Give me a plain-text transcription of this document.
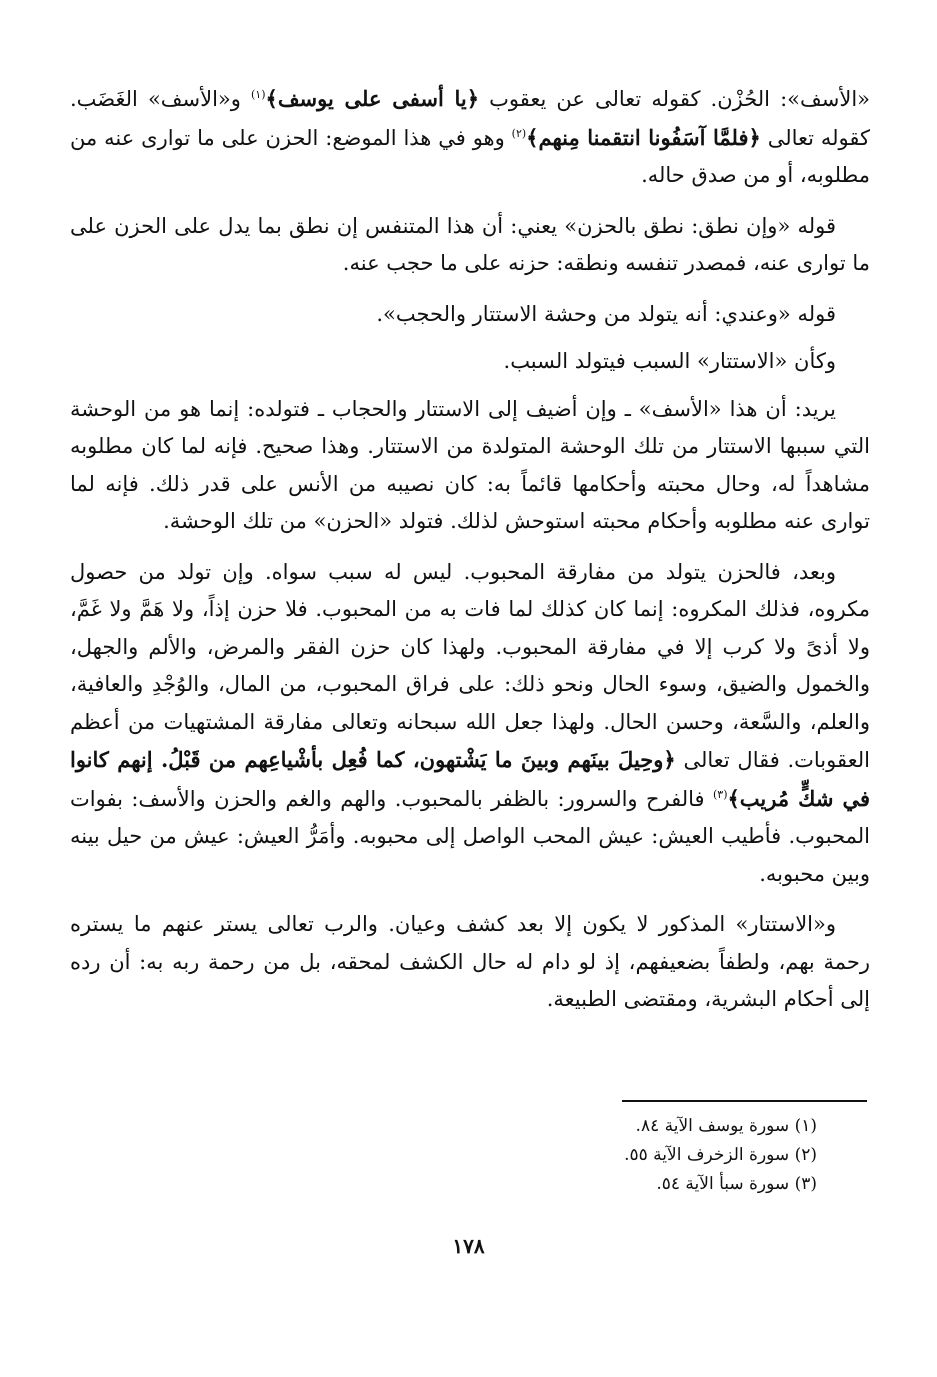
«الأسف»: الحُزْن. كقوله تعالى عن يعقوب ﴿يا أسفى على يوسف﴾$^{(١)}$ و«الأسف» الغَضَب. كقوله تعالى ﴿فلمَّا آسَفُونا انتقمنا مِنهم﴾$^{(٢)}$ وهو في هذا الموضع: الحزن على ما توارى عنه من مطلوبه، أو من صدق حاله.

قوله «وإن نطق: نطق بالحزن» يعني: أن هذا المتنفس إن نطق بما يدل على الحزن على ما توارى عنه، فمصدر تنفسه ونطقه: حزنه على ما حجب عنه.

قوله «وعندي: أنه يتولد من وحشة الاستتار والحجب».

وكأن «الاستتار» السبب فيتولد السبب.

يريد: أن هذا «الأسف» ـ وإن أضيف إلى الاستتار والحجاب ـ فتولده: إنما هو من الوحشة التي سببها الاستتار من تلك الوحشة المتولدة من الاستتار. وهذا صحيح. فإنه لما كان مطلوبه مشاهداً له، وحال محبته وأحكامها قائماً به: كان نصيبه من الأنس على قدر ذلك. فإنه لما توارى عنه مطلوبه وأحكام محبته استوحش لذلك. فتولد «الحزن» من تلك الوحشة.

وبعد، فالحزن يتولد من مفارقة المحبوب. ليس له سبب سواه. وإن تولد من حصول مكروه، فذلك المكروه: إنما كان كذلك لما فات به من المحبوب. فلا حزن إذاً، ولا هَمَّ ولا غَمَّ، ولا أذىً ولا كرب إلا في مفارقة المحبوب. ولهذا كان حزن الفقر والمرض، والألم والجهل، والخمول والضيق، وسوء الحال ونحو ذلك: على فراق المحبوب، من المال، والوُجْدِ والعافية، والعلم، والسَّعة، وحسن الحال. ولهذا جعل الله سبحانه وتعالى مفارقة المشتهيات من أعظم العقوبات. فقال تعالى ﴿وحِيلَ بينَهم وبينَ ما يَشْتهون، كما فُعِل بأشْياعِهم من قَبْلُ. إنهم كانوا في شكٍّ مُريب﴾$^{(٣)}$ فالفرح والسرور: بالظفر بالمحبوب. والهم والغم والحزن والأسف: بفوات المحبوب. فأطيب العيش: عيش المحب الواصل إلى محبوبه. وأمَرُّ العيش: عيش من حيل بينه وبين محبوبه.

و«الاستتار» المذكور لا يكون إلا بعد كشف وعيان. والرب تعالى يستر عنهم ما يستره رحمة بهم، ولطفاً بضعيفهم، إذ لو دام له حال الكشف لمحقه، بل من رحمة ربه به: أن رده إلى أحكام البشرية، ومقتضى الطبيعة.

(١) سورة يوسف الآية ٨٤.
(٢) سورة الزخرف الآية ٥٥.
(٣) سورة سبأ الآية ٥٤.
١٧٨
